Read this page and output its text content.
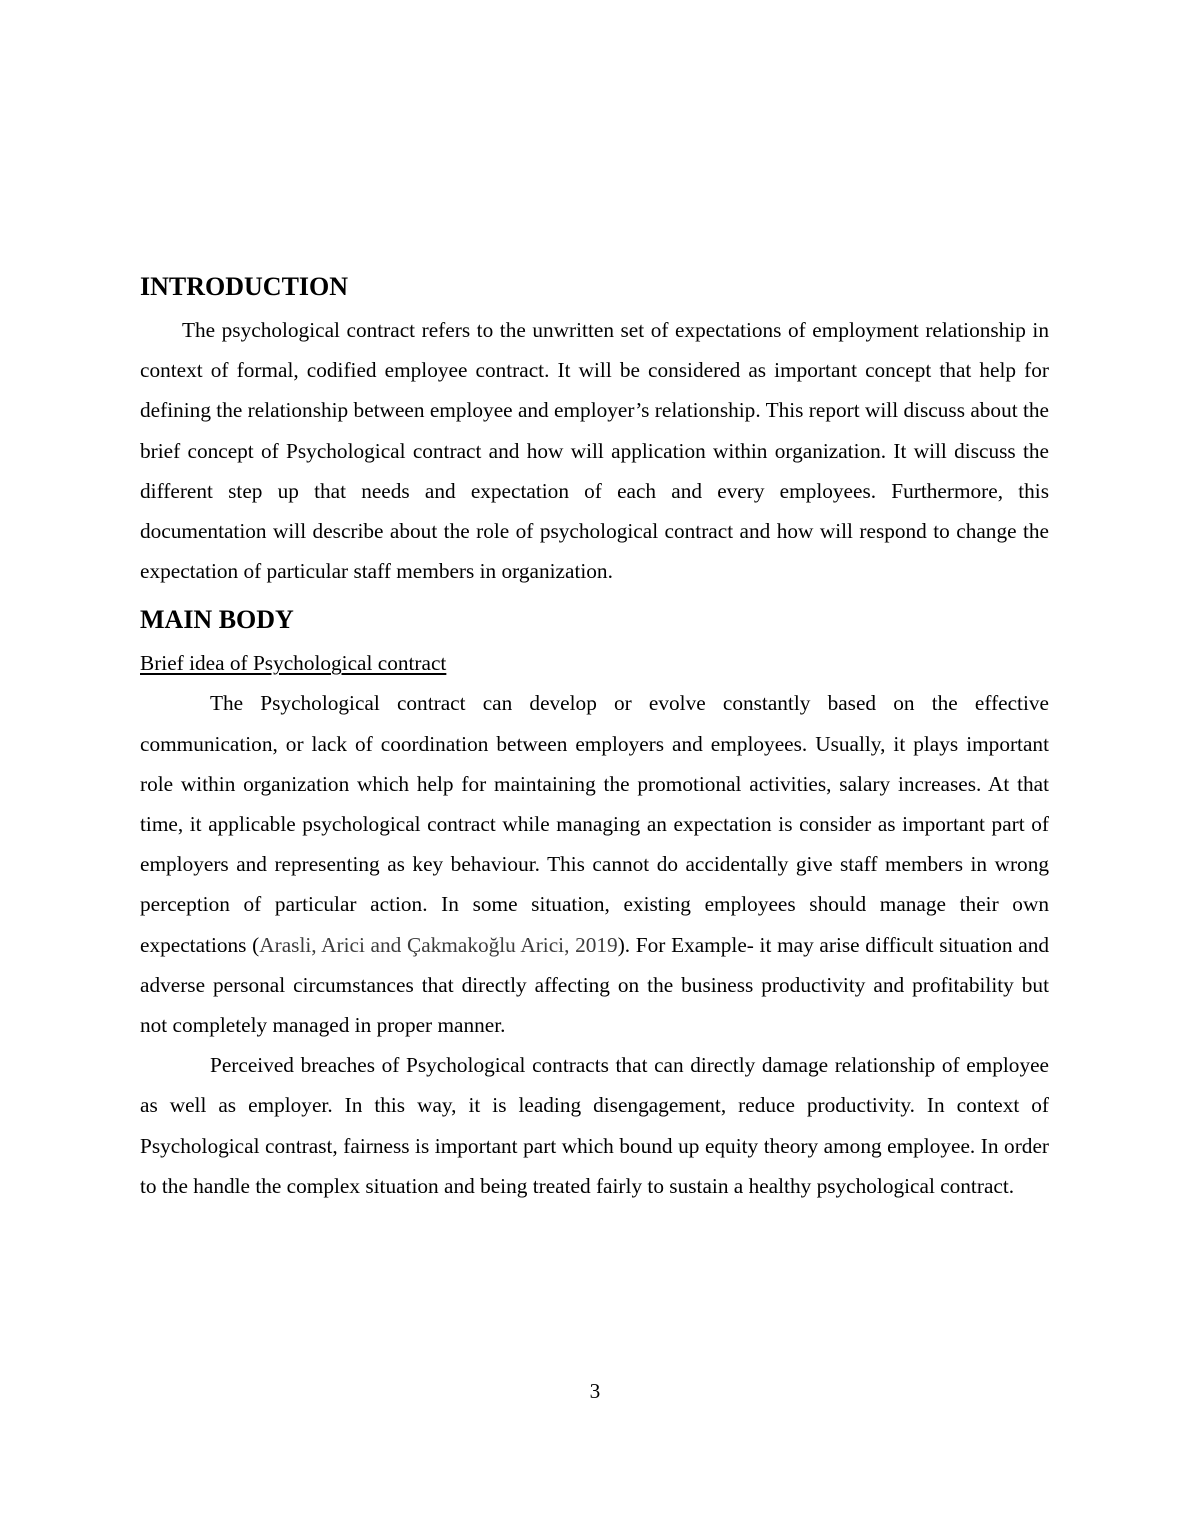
INTRODUCTION

The psychological contract refers to the unwritten set of expectations of employment relationship in context of formal, codified employee contract. It will be considered as important concept that help for defining the relationship between employee and employer’s relationship. This report will discuss about the brief concept of Psychological contract and how will application within organization. It will discuss the different step up that needs and expectation of each and every employees. Furthermore, this documentation will describe about the role of psychological contract and how will respond to change the expectation of particular staff members in organization.

MAIN BODY

Brief idea of Psychological contract

The Psychological contract can develop or evolve constantly based on the effective communication, or lack of coordination between employers and employees. Usually, it plays important role within organization which help for maintaining the promotional activities, salary increases. At that time, it applicable psychological contract while managing an expectation is consider as important part of employers and representing as key behaviour. This cannot do accidentally give staff members in wrong perception of particular action. In some situation, existing employees should manage their own expectations (Arasli, Arici and Çakmakoğlu Arici, 2019). For Example- it may arise difficult situation and adverse personal circumstances that directly affecting on the business productivity and profitability but not completely managed in proper manner.

Perceived breaches of Psychological contracts that can directly damage relationship of employee as well as employer. In this way, it is leading disengagement, reduce productivity. In context of Psychological contrast, fairness is important part which bound up equity theory among employee. In order to the handle the complex situation and being treated fairly to sustain a healthy psychological contract.

3
